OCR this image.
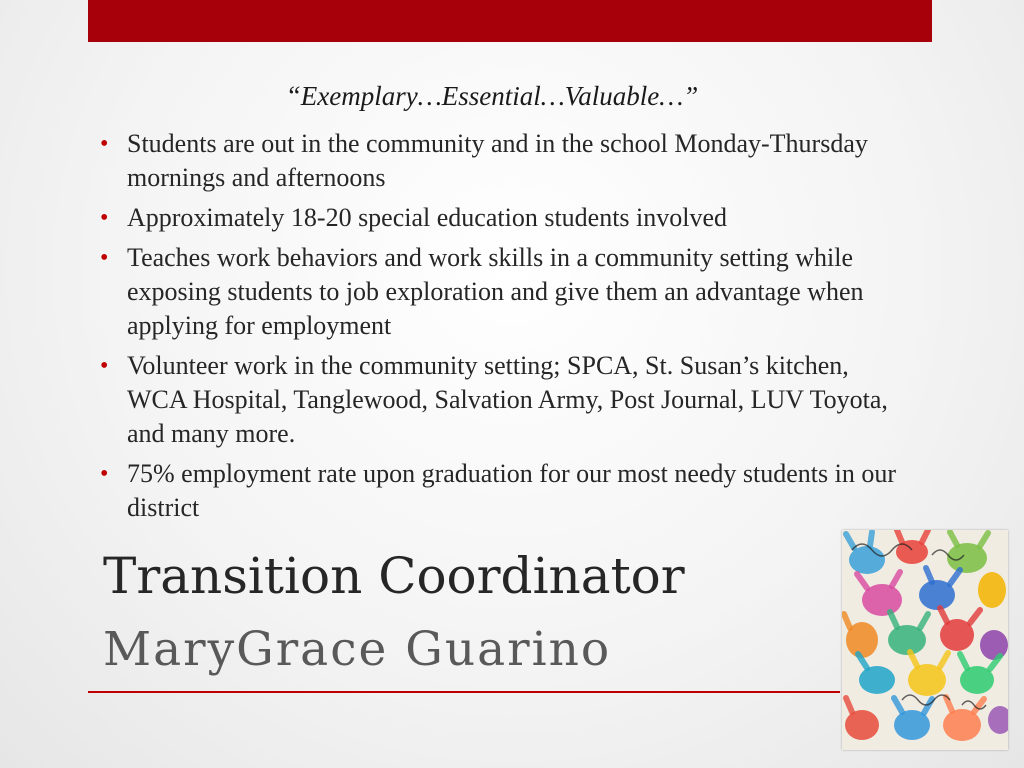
“Exemplary…Essential…Valuable…”
• Students are out in the community and in the school Monday-Thursday mornings and afternoons
• Approximately 18-20 special education students involved
• Teaches work behaviors and work skills in a community setting while exposing students to job exploration and give them an advantage when applying for employment
• Volunteer work in the community setting; SPCA, St. Susan’s kitchen, WCA Hospital, Tanglewood, Salvation Army, Post Journal, LUV Toyota, and many more.
• 75% employment rate upon graduation for our most needy students in our district
Transition Coordinator
MaryGrace Guarino
